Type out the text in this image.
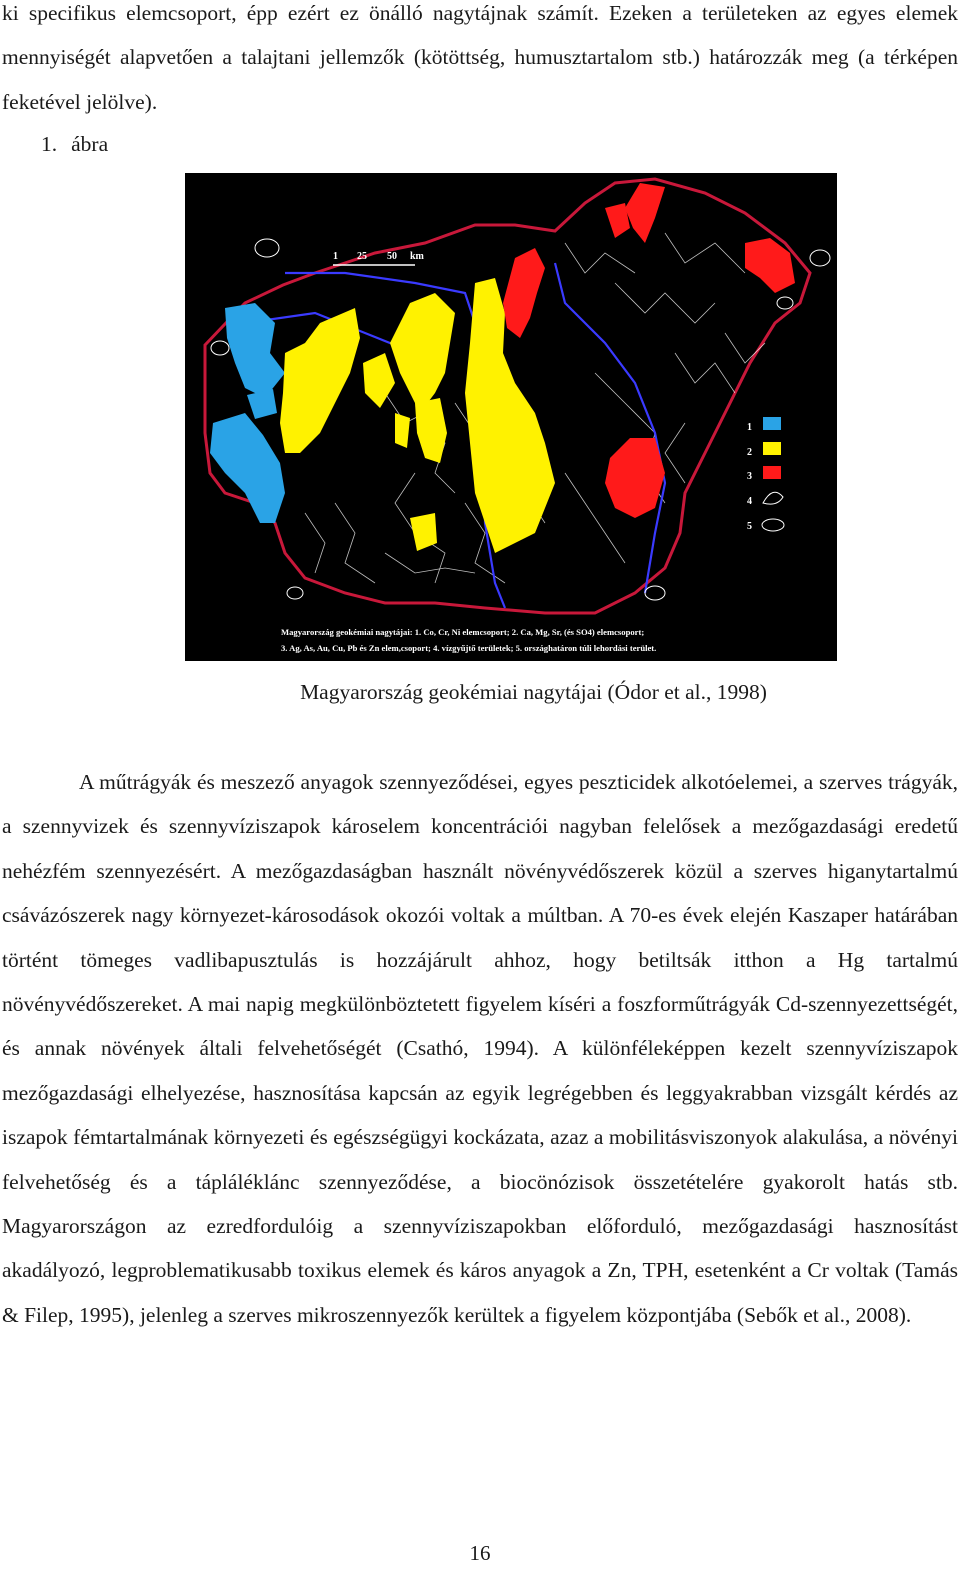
ki specifikus elemcsoport, épp ezért ez önálló nagytájnak számít. Ezeken a területeken az egyes elemek mennyiségét alapvetően a talajtani jellemzők (kötöttség, humusztartalom stb.) határozzák meg (a térképen feketével jelölve).

1. ábra
1 25 50 km
1
2
3
4
5
Magyarország geokémiai nagytájai: 1. Co, Cr, Ni elemcsoport; 2. Ca, Mg, Sr, (és SO4) elemcsoport;
3. Ag, As, Au, Cu, Pb és Zn elem,csoport; 4. vízgyűjtő területek; 5. országhatáron túli lehordási terület.
Magyarország geokémiai nagytájai (Ódor et al., 1998)

A műtrágyák és meszező anyagok szennyeződései, egyes peszticidek alkotóelemei, a szerves trágyák, a szennyvizek és szennyvíziszapok károselem koncentrációi nagyban felelősek a mezőgazdasági eredetű nehézfém szennyezésért. A mezőgazdaságban használt növényvédőszerek közül a szerves higanytartalmú csávázószerek nagy környezet-károsodások okozói voltak a múltban. A 70-es évek elején Kaszaper határában történt tömeges vadlibapusztulás is hozzájárult ahhoz, hogy betiltsák itthon a Hg tartalmú növényvédőszereket. A mai napig megkülönböztetett figyelem kíséri a foszforműtrágyák Cd-szennyezettségét, és annak növények általi felvehetőségét (Csathó, 1994). A különféleképpen kezelt szennyvíziszapok mezőgazdasági elhelyezése, hasznosítása kapcsán az egyik legrégebben és leggyakrabban vizsgált kérdés az iszapok fémtartalmának környezeti és egészségügyi kockázata, azaz a mobilitásviszonyok alakulása, a növényi felvehetőség és a tápláléklánc szennyeződése, a biocönózisok összetételére gyakorolt hatás stb. Magyarországon az ezredfordulóig a szennyvíziszapokban előforduló, mezőgazdasági hasznosítást akadályozó, legproblematikusabb toxikus elemek és káros anyagok a Zn, TPH, esetenként a Cr voltak (Tamás & Filep, 1995), jelenleg a szerves mikroszennyezők kerültek a figyelem központjába (Sebők et al., 2008).

16
